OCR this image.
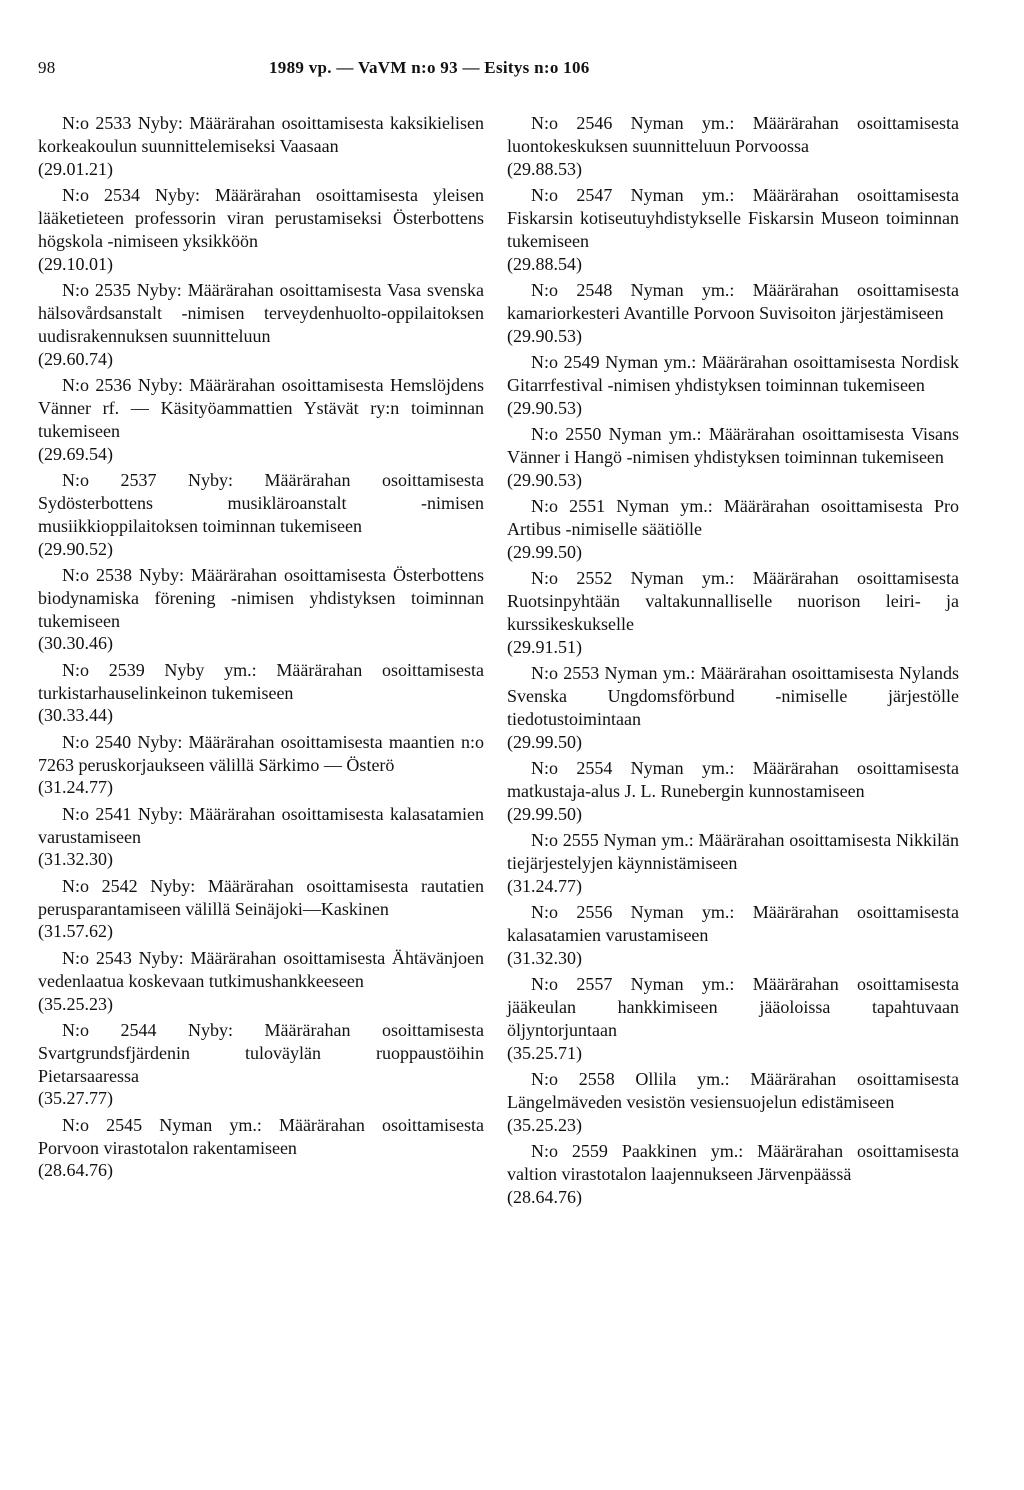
98	1989 vp. — VaVM n:o 93 — Esitys n:o 106
N:o 2533 Nyby: Määrärahan osoittamisesta kaksikielisen korkeakoulun suunnittelemiseksi Vaasaan
(29.01.21)
N:o 2534 Nyby: Määrärahan osoittamisesta yleisen lääketieteen professorin viran perustamiseksi Österbottens högskola -nimiseen yksikköön
(29.10.01)
N:o 2535 Nyby: Määrärahan osoittamisesta Vasa svenska hälsovårdsanstalt -nimisen terveydenhuolto-oppilaitoksen uudisrakennuksen suunnitteluun
(29.60.74)
N:o 2536 Nyby: Määrärahan osoittamisesta Hemslöjdens Vänner rf. — Käsityöammattien Ystävät ry:n toiminnan tukemiseen
(29.69.54)
N:o 2537 Nyby: Määrärahan osoittamisesta Sydösterbottens musikläroanstalt -nimisen musiikkioppilaitoksen toiminnan tukemiseen
(29.90.52)
N:o 2538 Nyby: Määrärahan osoittamisesta Österbottens biodynamiska förening -nimisen yhdistyksen toiminnan tukemiseen
(30.30.46)
N:o 2539 Nyby ym.: Määrärahan osoittamisesta turkistarhauselinkeinon tukemiseen
(30.33.44)
N:o 2540 Nyby: Määrärahan osoittamisesta maantien n:o 7263 peruskorjaukseen välillä Särkimo — Österö
(31.24.77)
N:o 2541 Nyby: Määrärahan osoittamisesta kalasatamien varustamiseen
(31.32.30)
N:o 2542 Nyby: Määrärahan osoittamisesta rautatien perusparantamiseen välillä Seinäjoki—Kaskinen
(31.57.62)
N:o 2543 Nyby: Määrärahan osoittamisesta Ähtävänjoen vedenlaatua koskevaan tutkimushankkeeseen
(35.25.23)
N:o 2544 Nyby: Määrärahan osoittamisesta Svartgrundsfjärdenin tuloväylän ruoppaustöihin Pietarsaaressa
(35.27.77)
N:o 2545 Nyman ym.: Määrärahan osoittamisesta Porvoon virastotalon rakentamiseen
(28.64.76)
N:o 2546 Nyman ym.: Määrärahan osoittamisesta luontokeskuksen suunnitteluun Porvoossa
(29.88.53)
N:o 2547 Nyman ym.: Määrärahan osoittamisesta Fiskarsin kotiseutuyhdistykselle Fiskarsin Museon toiminnan tukemiseen
(29.88.54)
N:o 2548 Nyman ym.: Määrärahan osoittamisesta kamariorkesteri Avantille Porvoon Suvisoiton järjestämiseen
(29.90.53)
N:o 2549 Nyman ym.: Määrärahan osoittamisesta Nordisk Gitarrfestival -nimisen yhdistyksen toiminnan tukemiseen
(29.90.53)
N:o 2550 Nyman ym.: Määrärahan osoittamisesta Visans Vänner i Hangö -nimisen yhdistyksen toiminnan tukemiseen
(29.90.53)
N:o 2551 Nyman ym.: Määrärahan osoittamisesta Pro Artibus -nimiselle säätiölle
(29.99.50)
N:o 2552 Nyman ym.: Määrärahan osoittamisesta Ruotsinpyhtään valtakunnalliselle nuorison leiri- ja kurssikeskukselle
(29.91.51)
N:o 2553 Nyman ym.: Määrärahan osoittamisesta Nylands Svenska Ungdomsförbund -nimiselle järjestölle tiedotustoimintaan
(29.99.50)
N:o 2554 Nyman ym.: Määrärahan osoittamisesta matkustaja-alus J. L. Runebergin kunnostamiseen
(29.99.50)
N:o 2555 Nyman ym.: Määrärahan osoittamisesta Nikkilän tiejärjestelyjen käynnistämiseen
(31.24.77)
N:o 2556 Nyman ym.: Määrärahan osoittamisesta kalasatamien varustamiseen
(31.32.30)
N:o 2557 Nyman ym.: Määrärahan osoittamisesta jääkeulan hankkimiseen jääoloissa tapahtuvaan öljyntorjuntaan
(35.25.71)
N:o 2558 Ollila ym.: Määrärahan osoittamisesta Längelmäveden vesistön vesiensuojelun edistämiseen
(35.25.23)
N:o 2559 Paakkinen ym.: Määrärahan osoittamisesta valtion virastotalon laajennukseen Järvenpäässä
(28.64.76)
